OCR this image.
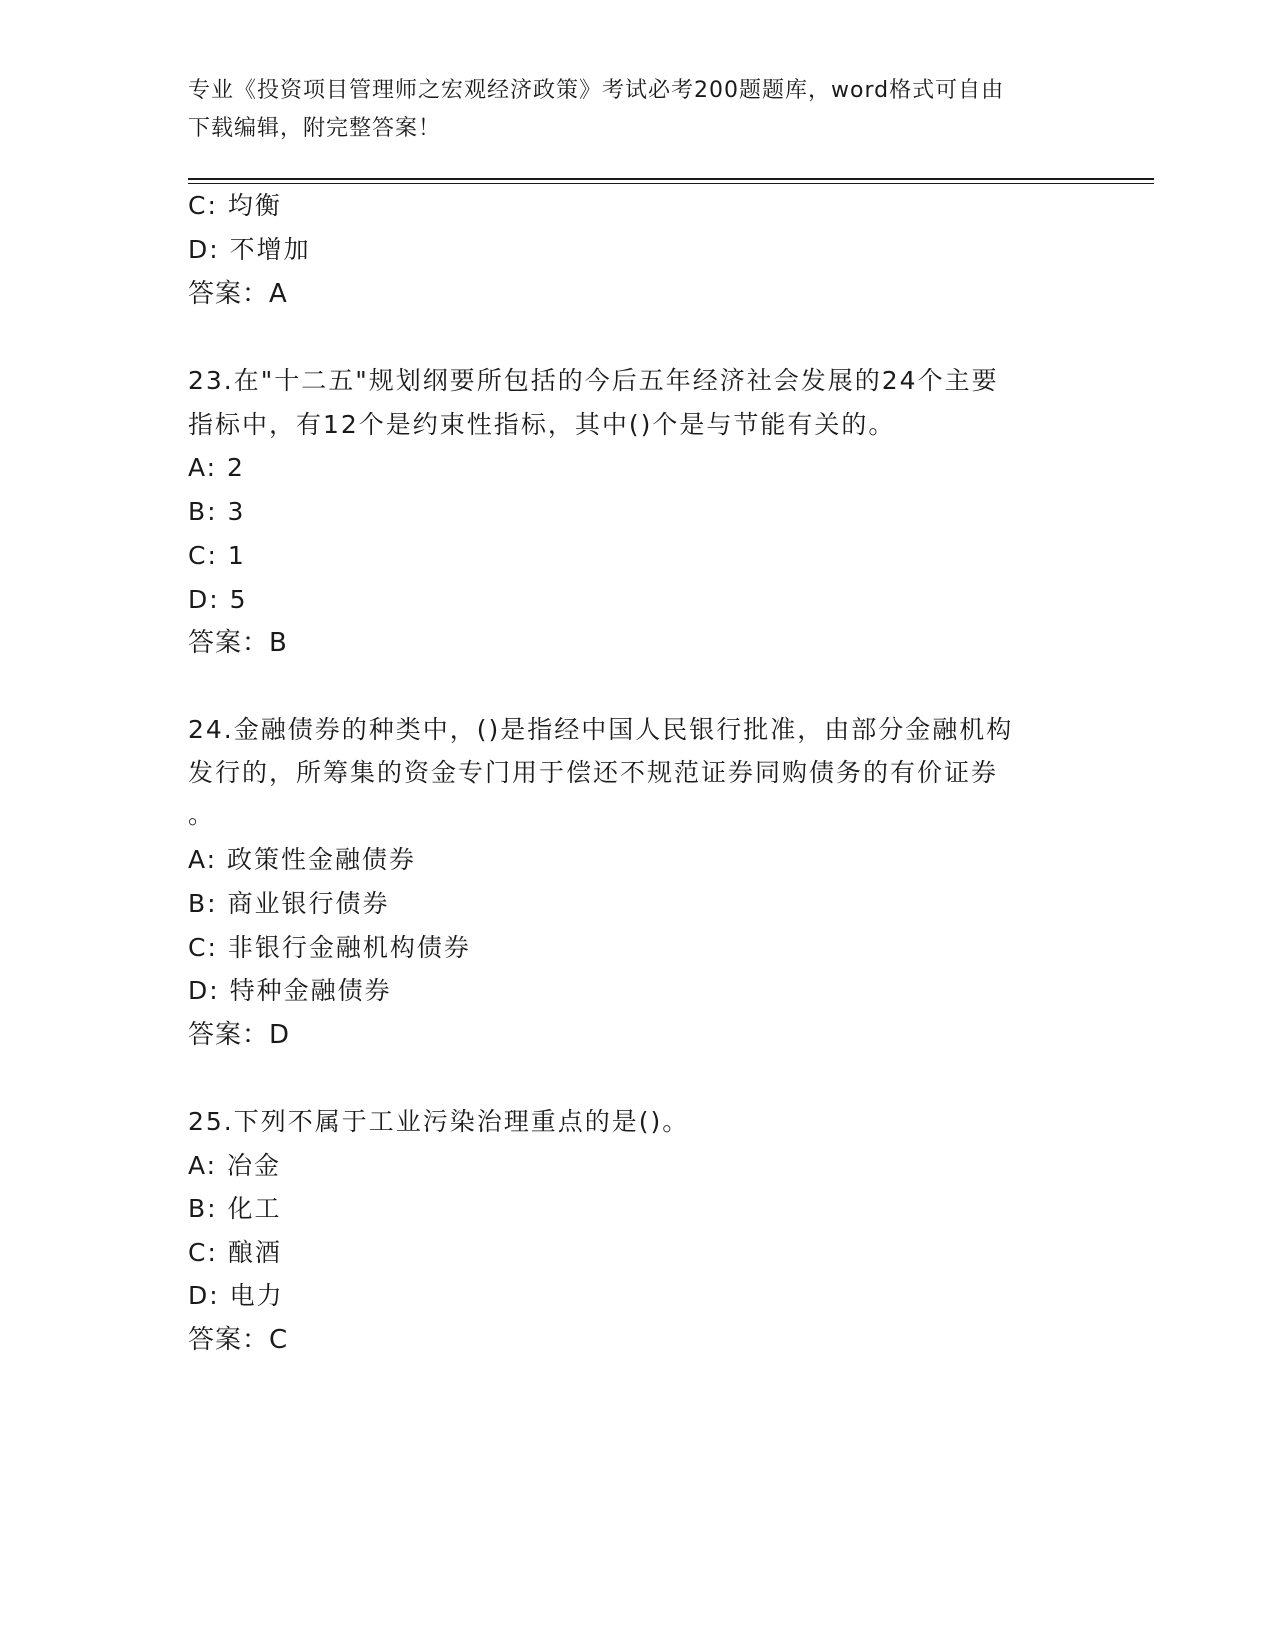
专业《投资项目管理师之宏观经济政策》考试必考200题题库，word格式可自由
下载编辑，附完整答案！
C: 均衡
D: 不增加
答案：A
23.在"十二五"规划纲要所包括的今后五年经济社会发展的24个主要
指标中，有12个是约束性指标，其中()个是与节能有关的。
A: 2
B: 3
C: 1
D: 5
答案：B
24.金融债券的种类中，()是指经中国人民银行批准，由部分金融机构
发行的，所筹集的资金专门用于偿还不规范证券同购债务的有价证券
。
A: 政策性金融债券
B: 商业银行债券
C: 非银行金融机构债券
D: 特种金融债券
答案：D
25.下列不属于工业污染治理重点的是()。
A: 冶金
B: 化工
C: 酿酒
D: 电力
答案：C
